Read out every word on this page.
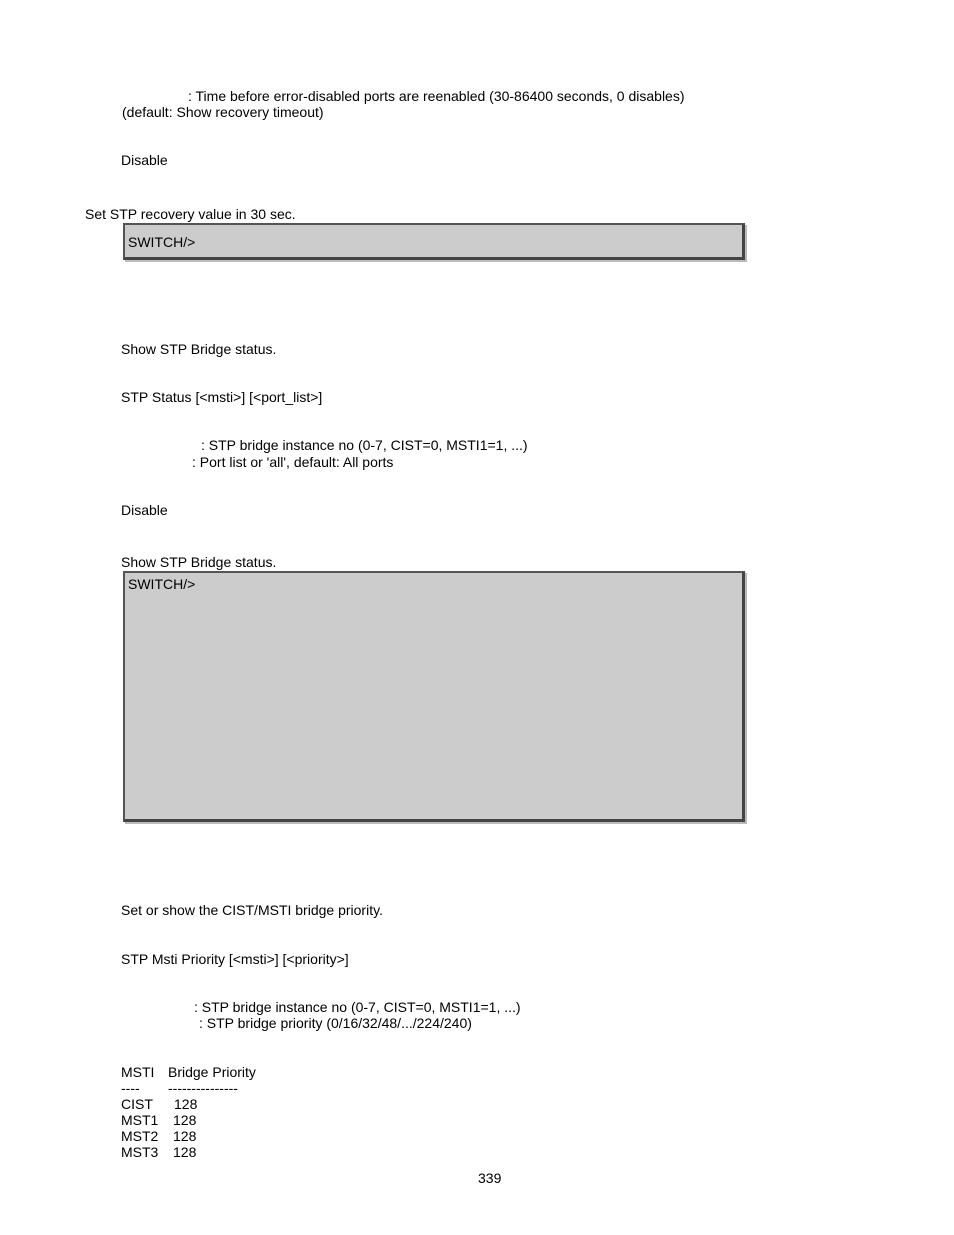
: Time before error-disabled ports are reenabled (30-86400 seconds, 0 disables)
(default: Show recovery timeout)
Disable
Set STP recovery value in 30 sec.
SWITCH/>
Show STP Bridge status.
STP Status [<msti>] [<port_list>]
: STP bridge instance no (0-7, CIST=0, MSTI1=1, ...)
: Port list or 'all', default: All ports
Disable
Show STP Bridge status.
SWITCH/>
Set or show the CIST/MSTI bridge priority.
STP Msti Priority [<msti>] [<priority>]
: STP bridge instance no (0-7, CIST=0, MSTI1=1, ...)
: STP bridge priority (0/16/32/48/.../224/240)

MSTI

Bridge Priority

----

---------------

CIST

128

MST1

128

MST2

128

MST3

128

339
